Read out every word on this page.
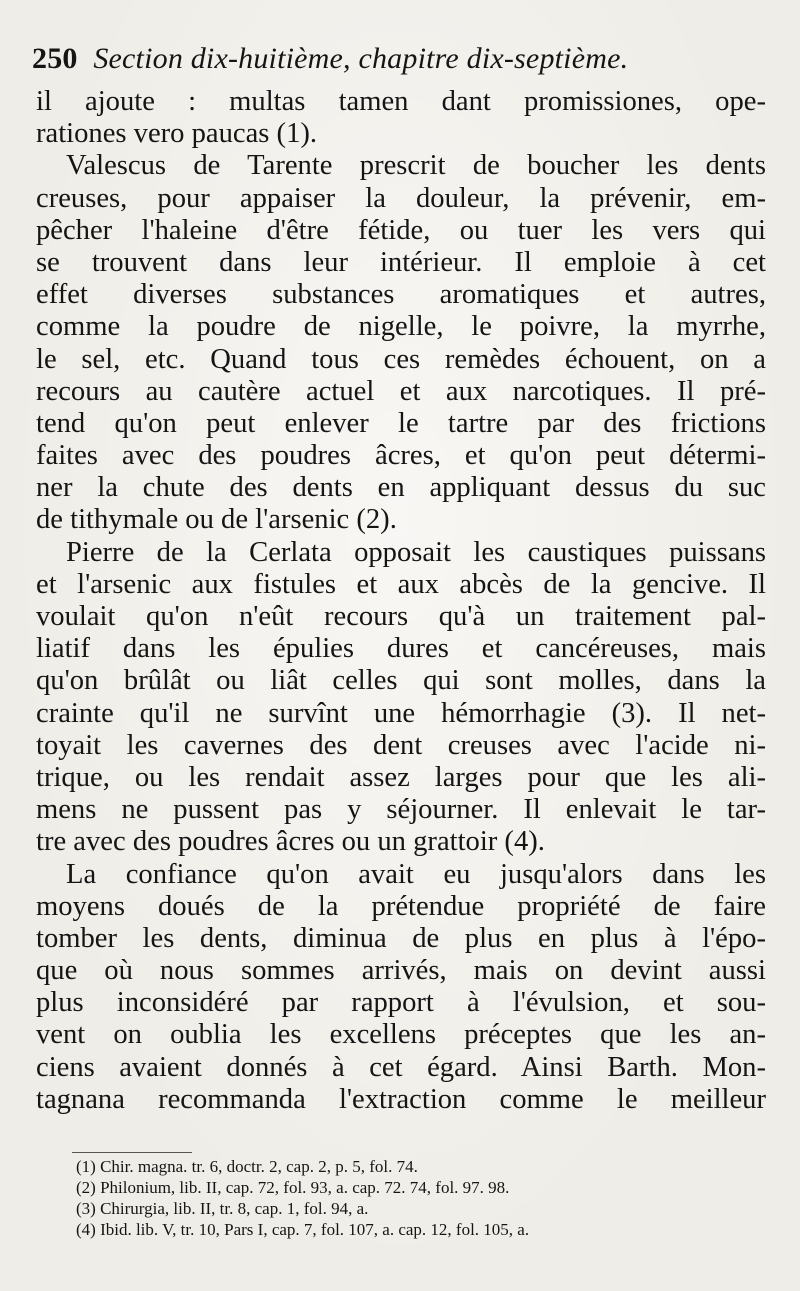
250 Section dix-huitième, chapitre dix-septième.
il ajoute : multas tamen dant promissiones, ope-
rationes vero paucas (1).
Valescus de Tarente prescrit de boucher les dents
creuses, pour appaiser la douleur, la prévenir, em-
pêcher l'haleine d'être fétide, ou tuer les vers qui
se trouvent dans leur intérieur. Il emploie à cet
effet diverses substances aromatiques et autres,
comme la poudre de nigelle, le poivre, la myrrhe,
le sel, etc. Quand tous ces remèdes échouent, on a
recours au cautère actuel et aux narcotiques. Il pré-
tend qu'on peut enlever le tartre par des frictions
faites avec des poudres âcres, et qu'on peut détermi-
ner la chute des dents en appliquant dessus du suc
de tithymale ou de l'arsenic (2).
Pierre de la Cerlata opposait les caustiques puissans
et l'arsenic aux fistules et aux abcès de la gencive. Il
voulait qu'on n'eût recours qu'à un traitement pal-
liatif dans les épulies dures et cancéreuses, mais
qu'on brûlât ou liât celles qui sont molles, dans la
crainte qu'il ne survînt une hémorrhagie (3). Il net-
toyait les cavernes des dent creuses avec l'acide ni-
trique, ou les rendait assez larges pour que les ali-
mens ne pussent pas y séjourner. Il enlevait le tar-
tre avec des poudres âcres ou un grattoir (4).
La confiance qu'on avait eu jusqu'alors dans les
moyens doués de la prétendue propriété de faire
tomber les dents, diminua de plus en plus à l'épo-
que où nous sommes arrivés, mais on devint aussi
plus inconsidéré par rapport à l'évulsion, et sou-
vent on oublia les excellens préceptes que les an-
ciens avaient donnés à cet égard. Ainsi Barth. Mon-
tagnana recommanda l'extraction comme le meilleur
(1) Chir. magna. tr. 6, doctr. 2, cap. 2, p. 5, fol. 74.
(2) Philonium, lib. II, cap. 72, fol. 93, a. cap. 72. 74, fol. 97. 98.
(3) Chirurgia, lib. II, tr. 8, cap. 1, fol. 94, a.
(4) Ibid. lib. V, tr. 10, Pars I, cap. 7, fol. 107, a. cap. 12, fol. 105, a.
